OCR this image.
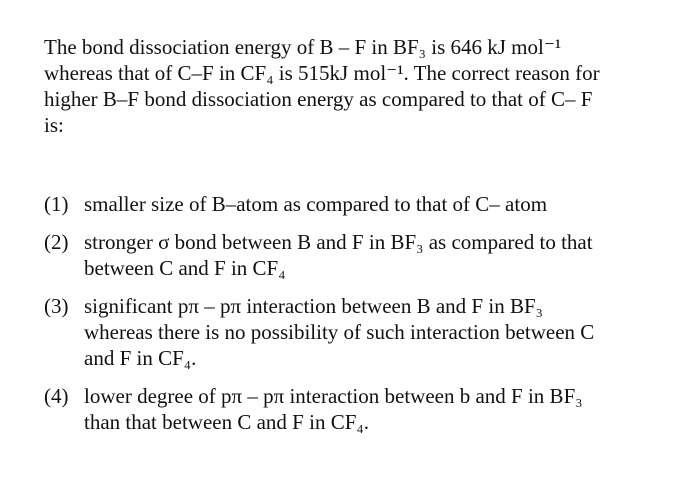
The bond dissociation energy of B – F in BF₃ is 646 kJ mol⁻¹
whereas that of C–F in CF₄ is 515kJ mol⁻¹. The correct reason for
higher B–F bond dissociation energy as compared to that of C– F
is:
(1) smaller size of B–atom as compared to that of C– atom
(2) stronger σ bond between B and F in BF₃ as compared to that
between C and F in CF₄
(3) significant pπ – pπ interaction between B and F in BF₃
whereas there is no possibility of such interaction between C
and F in CF₄.
(4) lower degree of pπ – pπ interaction between b and F in BF₃
than that between C and F in CF₄.
